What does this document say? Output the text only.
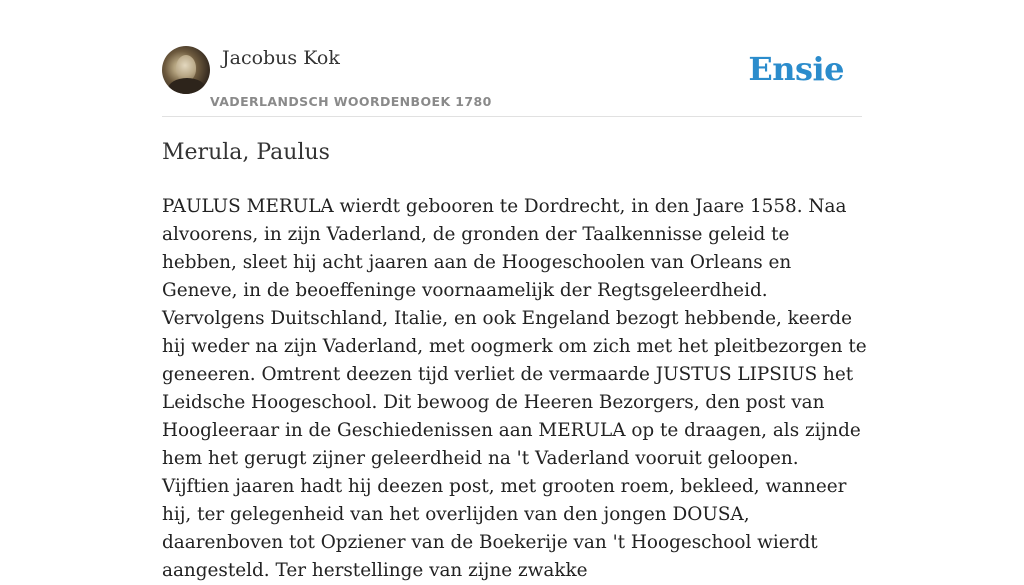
Jacobus Kok
VADERLANDSCH WOORDENBOEK 1780
Ensie
Merula, Paulus

PAULUS MERULA wierdt gebooren te Dordrecht, in den Jaare 1558. Naa alvoorens, in zijn Vaderland, de gronden der Taalkennisse geleid te hebben, sleet hij acht jaaren aan de Hoogeschoolen van Orleans en Geneve, in de beoeffeninge voornaamelijk der Regtsgeleerdheid. Vervolgens Duitschland, Italie, en ook Engeland bezogt hebbende, keerde hij weder na zijn Vaderland, met oogmerk om zich met het pleitbezorgen te geneeren. Omtrent deezen tijd verliet de vermaarde JUSTUS LIPSIUS het Leidsche Hoogeschool. Dit bewoog de Heeren Bezorgers, den post van Hoogleeraar in de Geschiedenissen aan MERULA op te draagen, als zijnde hem het gerugt zijner geleerdheid na 't Vaderland vooruit geloopen. Vijftien jaaren hadt hij deezen post, met grooten roem, bekleed, wanneer hij, ter gelegenheid van het overlijden van den jongen DOUSA, daarenboven tot Opziener van de Boekerije van 't Hoogeschool wierdt aangesteld. Ter herstellinge van zijne zwakke
